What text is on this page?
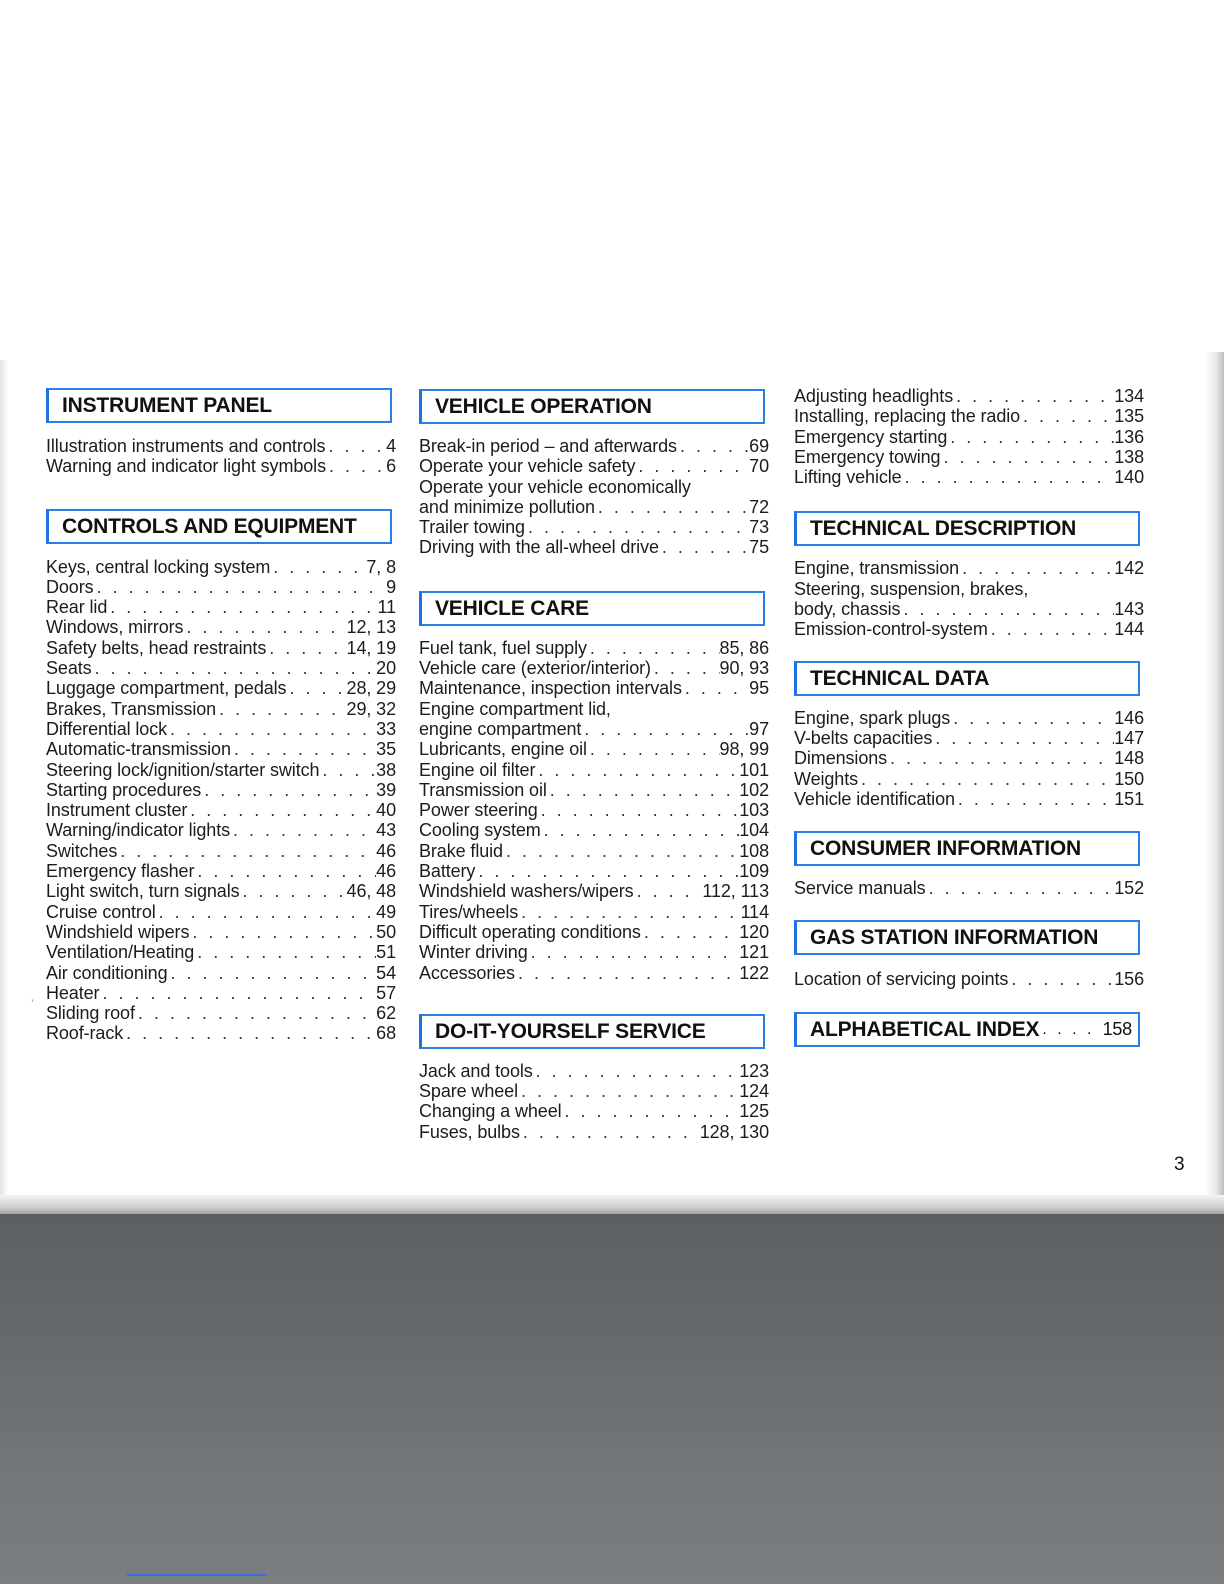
’
INSTRUMENT PANEL
Illustration instruments and controls . . .	4
Warning and indicator light symbols . . .	6
CONTROLS AND EQUIPMENT
Keys, central locking system . . .	7, 8
Doors . . .	9
Rear lid . . .	11
Windows, mirrors . . .	12, 13
Safety belts, head restraints . . .	14, 19
Seats . . .	20
Luggage compartment, pedals . . .	28, 29
Brakes, Transmission . . .	29, 32
Differential lock . . .	33
Automatic-transmission . . .	35
Steering lock/ignition/starter switch . . .	38
Starting procedures . . .	39
Instrument cluster . . .	40
Warning/indicator lights . . .	43
Switches . . .	46
Emergency flasher . . .	46
Light switch, turn signals . . .	46, 48
Cruise control . . .	49
Windshield wipers . . .	50
Ventilation/Heating . . .	51
Air conditioning . . .	54
Heater . . .	57
Sliding roof . . .	62
Roof-rack . . .	68
VEHICLE OPERATION
Break-in period – and afterwards . . .	69
Operate your vehicle safety . . .	70
Operate your vehicle economically
and minimize pollution . . .	72
Trailer towing . . .	73
Driving with the all-wheel drive . . .	75
VEHICLE CARE
Fuel tank, fuel supply . . .	85, 86
Vehicle care (exterior/interior) . . .	90, 93
Maintenance, inspection intervals . . .	95
Engine compartment lid,
engine compartment . . .	97
Lubricants, engine oil . . .	98, 99
Engine oil filter . . .	101
Transmission oil . . .	102
Power steering . . .	103
Cooling system . . .	104
Brake fluid . . .	108
Battery . . .	109
Windshield washers/wipers . . .	112, 113
Tires/wheels . . .	114
Difficult operating conditions . . .	120
Winter driving . . .	121
Accessories . . .	122
DO-IT-YOURSELF SERVICE
Jack and tools . . .	123
Spare wheel . . .	124
Changing a wheel . . .	125
Fuses, bulbs . . .	128, 130
Adjusting headlights . . .	134
Installing, replacing the radio . . .	135
Emergency starting . . .	136
Emergency towing . . .	138
Lifting vehicle . . .	140
TECHNICAL DESCRIPTION
Engine, transmission . . .	142
Steering, suspension, brakes,
body, chassis . . .	143
Emission-control-system . . .	144
TECHNICAL DATA
Engine, spark plugs . . .	146
V-belts capacities . . .	147
Dimensions . . .	148
Weights . . .	150
Vehicle identification . . .	151
CONSUMER INFORMATION
Service manuals . . .	152
GAS STATION INFORMATION
Location of servicing points . . .	156
ALPHABETICAL INDEX . . .	158
3
